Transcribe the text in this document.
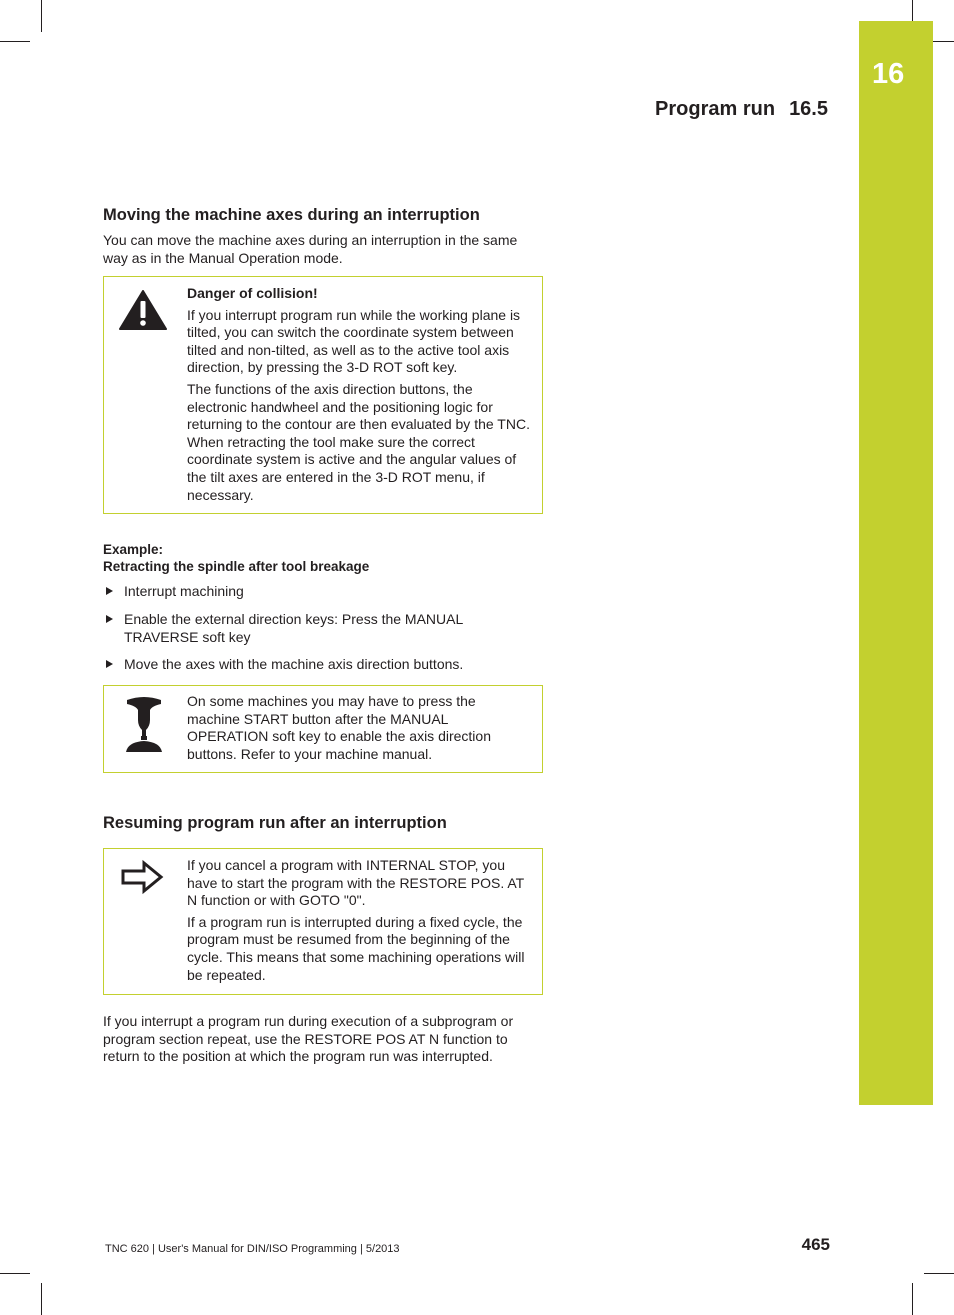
16
Program run 16.5
Moving the machine axes during an interruption

You can move the machine axes during an interruption in the same way as in the Manual Operation mode.

Danger of collision!

If you interrupt program run while the working plane is tilted, you can switch the coordinate system between tilted and non-tilted, as well as to the active tool axis direction, by pressing the 3-D ROT soft key.

The functions of the axis direction buttons, the electronic handwheel and the positioning logic for returning to the contour are then evaluated by the TNC. When retracting the tool make sure the correct coordinate system is active and the angular values of the tilt axes are entered in the 3-D ROT menu, if necessary.

Example:

Retracting the spindle after tool breakage

Interrupt machining
Enable the external direction keys: Press the MANUAL TRAVERSE soft key
Move the axes with the machine axis direction buttons.

On some machines you may have to press the machine START button after the MANUAL OPERATION soft key to enable the axis direction buttons. Refer to your machine manual.

Resuming program run after an interruption

If you cancel a program with INTERNAL STOP, you have to start the program with the RESTORE POS. AT N function or with GOTO "0".

If a program run is interrupted during a fixed cycle, the program must be resumed from the beginning of the cycle. This means that some machining operations will be repeated.

If you interrupt a program run during execution of a subprogram or program section repeat, use the RESTORE POS AT N function to return to the position at which the program run was interrupted.

TNC 620 | User's Manual for DIN/ISO Programming | 5/2013	465
